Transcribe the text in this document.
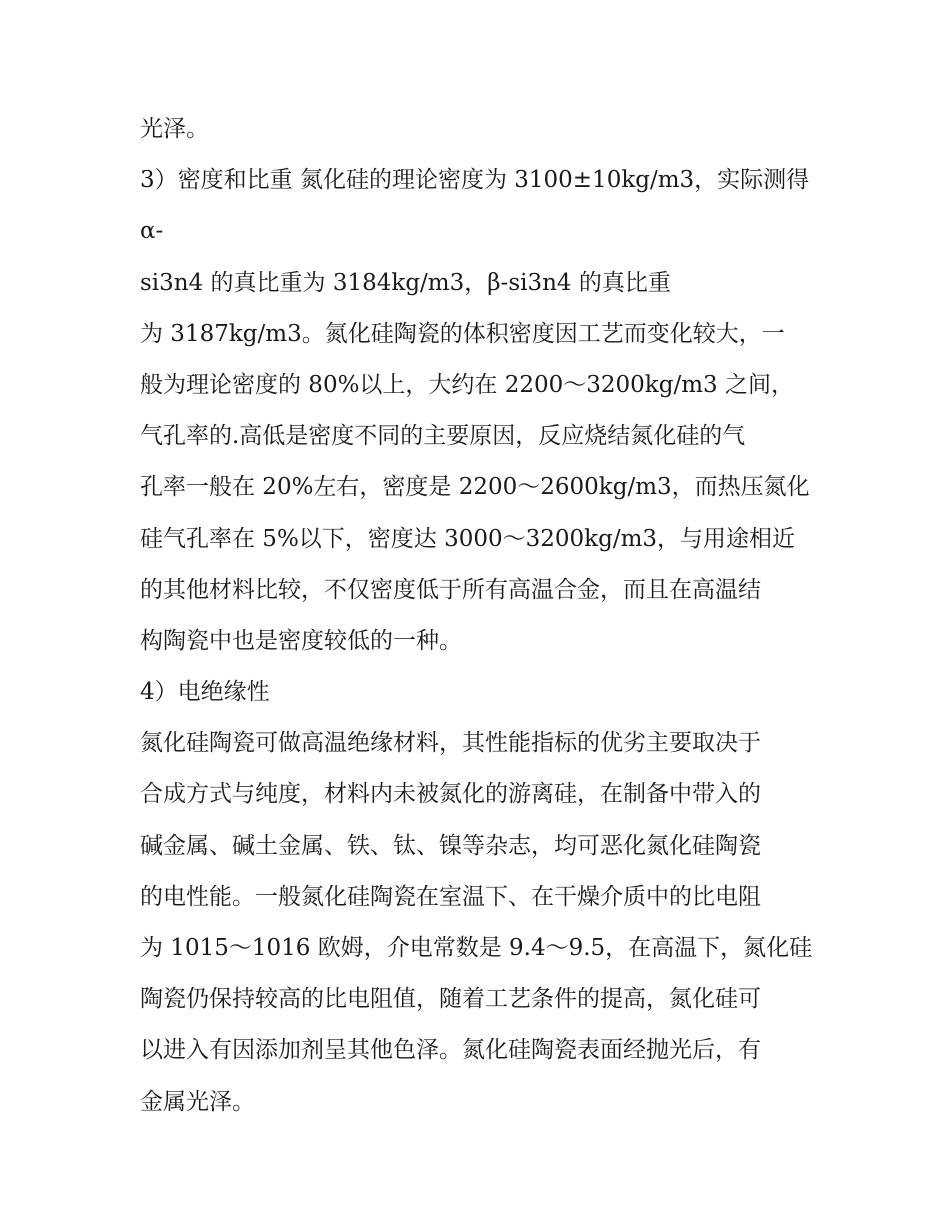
光泽。
3）密度和比重 氮化硅的理论密度为 3100±10kg/m3，实际测得
α-
si3n4 的真比重为 3184kg/m3，β-si3n4 的真比重
为 3187kg/m3。氮化硅陶瓷的体积密度因工艺而变化较大，一
般为理论密度的 80%以上，大约在 2200～3200kg/m3 之间，
气孔率的.高低是密度不同的主要原因，反应烧结氮化硅的气
孔率一般在 20%左右，密度是 2200～2600kg/m3，而热压氮化
硅气孔率在 5%以下，密度达 3000～3200kg/m3，与用途相近
的其他材料比较，不仅密度低于所有高温合金，而且在高温结
构陶瓷中也是密度较低的一种。
4）电绝缘性
氮化硅陶瓷可做高温绝缘材料，其性能指标的优劣主要取决于
合成方式与纯度，材料内未被氮化的游离硅，在制备中带入的
碱金属、碱土金属、铁、钛、镍等杂志，均可恶化氮化硅陶瓷
的电性能。一般氮化硅陶瓷在室温下、在干燥介质中的比电阻
为 1015～1016 欧姆，介电常数是 9.4～9.5，在高温下，氮化硅
陶瓷仍保持较高的比电阻值，随着工艺条件的提高，氮化硅可
以进入有因添加剂呈其他色泽。氮化硅陶瓷表面经抛光后，有
金属光泽。
